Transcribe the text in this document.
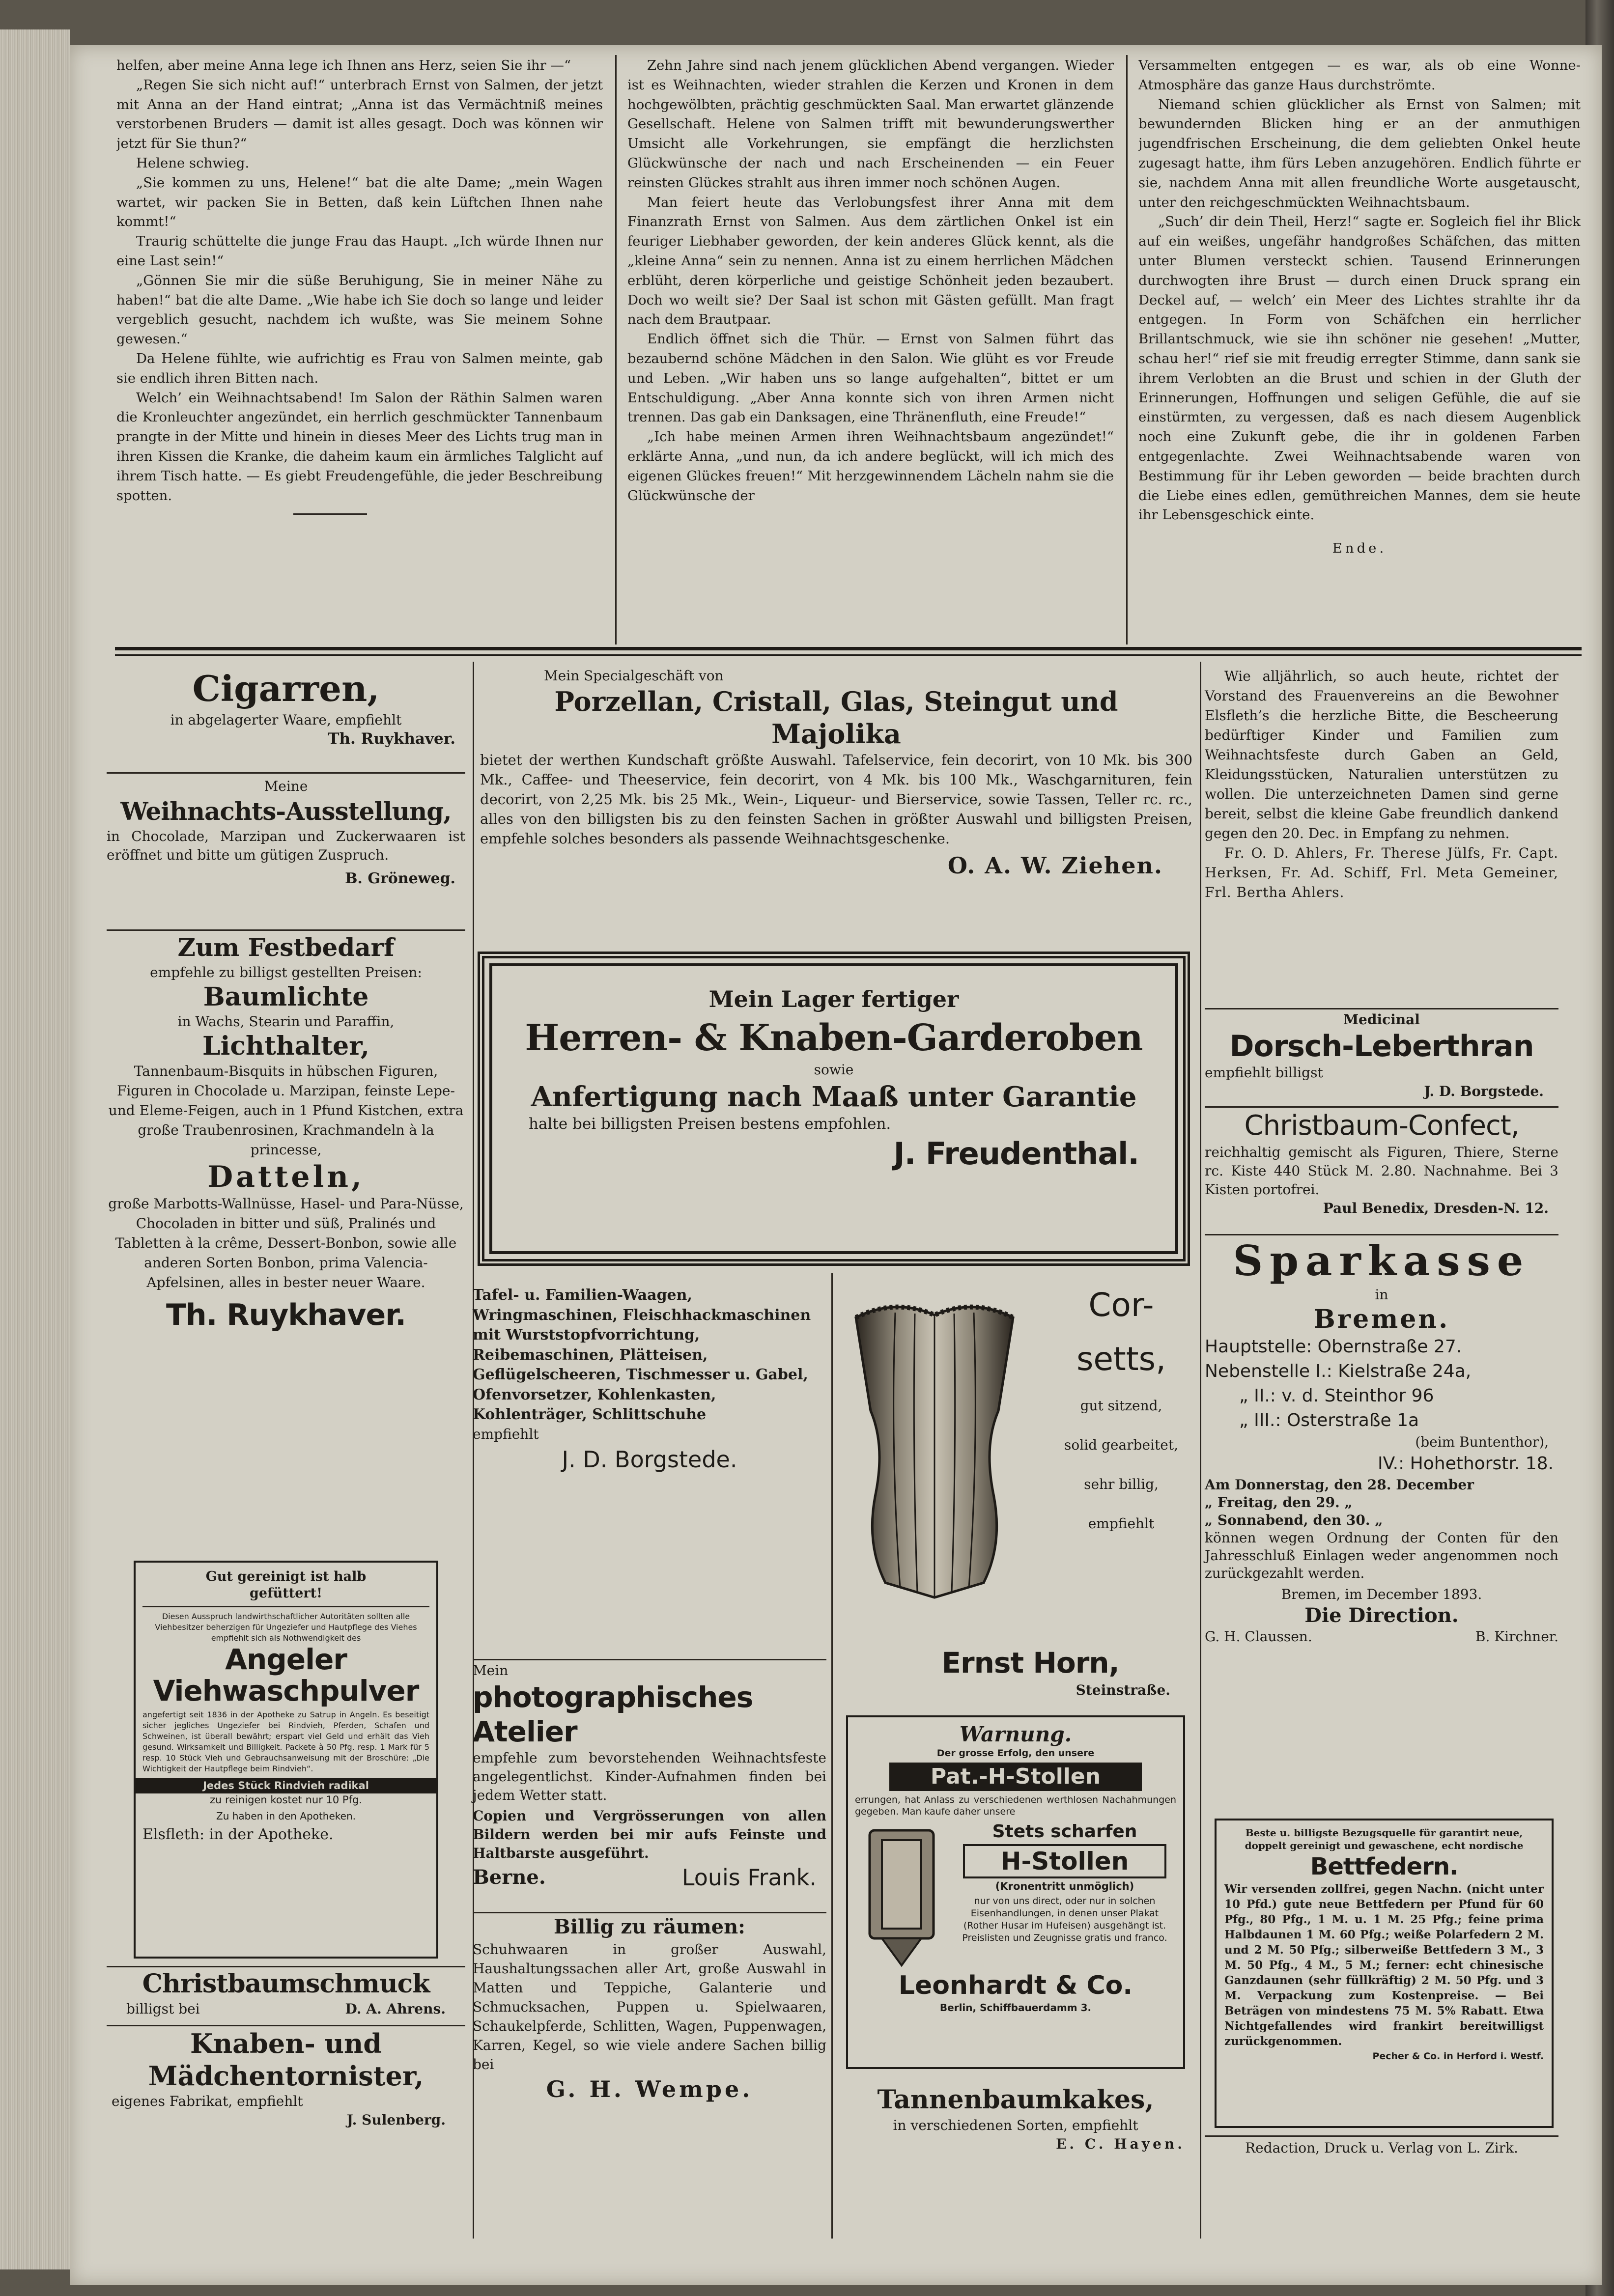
helfen, aber meine Anna lege ich Ihnen ans Herz, seien Sie ihr —“

„Regen Sie sich nicht auf!“ unterbrach Ernst von Salmen, der jetzt mit Anna an der Hand eintrat; „Anna ist das Vermächtniß meines verstorbenen Bruders — damit ist alles gesagt. Doch was können wir jetzt für Sie thun?“

Helene schwieg.

„Sie kommen zu uns, Helene!“ bat die alte Dame; „mein Wagen wartet, wir packen Sie in Betten, daß kein Lüftchen Ihnen nahe kommt!“

Traurig schüttelte die junge Frau das Haupt. „Ich würde Ihnen nur eine Last sein!“

„Gönnen Sie mir die süße Beruhigung, Sie in meiner Nähe zu haben!“ bat die alte Dame. „Wie habe ich Sie doch so lange und leider vergeblich gesucht, nachdem ich wußte, was Sie meinem Sohne gewesen.“

Da Helene fühlte, wie aufrichtig es Frau von Salmen meinte, gab sie endlich ihren Bitten nach.

Welch’ ein Weihnachtsabend! Im Salon der Räthin Salmen waren die Kronleuchter angezündet, ein herrlich geschmückter Tannenbaum prangte in der Mitte und hinein in dieses Meer des Lichts trug man in ihren Kissen die Kranke, die daheim kaum ein ärmliches Talglicht auf ihrem Tisch hatte. — Es giebt Freudengefühle, die jeder Beschreibung spotten.

Zehn Jahre sind nach jenem glücklichen Abend vergangen. Wieder ist es Weihnachten, wieder strahlen die Kerzen und Kronen in dem hochgewölbten, prächtig geschmückten Saal. Man erwartet glänzende Gesellschaft. Helene von Salmen trifft mit bewunderungswerther Umsicht alle Vorkehrungen, sie empfängt die herzlichsten Glückwünsche der nach und nach Erscheinenden — ein Feuer reinsten Glückes strahlt aus ihren immer noch schönen Augen.

Man feiert heute das Verlobungsfest ihrer Anna mit dem Finanzrath Ernst von Salmen. Aus dem zärtlichen Onkel ist ein feuriger Liebhaber geworden, der kein anderes Glück kennt, als die „kleine Anna“ sein zu nennen. Anna ist zu einem herrlichen Mädchen erblüht, deren körperliche und geistige Schönheit jeden bezaubert. Doch wo weilt sie? Der Saal ist schon mit Gästen gefüllt. Man fragt nach dem Brautpaar.

Endlich öffnet sich die Thür. — Ernst von Salmen führt das bezaubernd schöne Mädchen in den Salon. Wie glüht es vor Freude und Leben. „Wir haben uns so lange aufgehalten“, bittet er um Entschuldigung. „Aber Anna konnte sich von ihren Armen nicht trennen. Das gab ein Danksagen, eine Thränenfluth, eine Freude!“

„Ich habe meinen Armen ihren Weihnachtsbaum angezündet!“ erklärte Anna, „und nun, da ich andere beglückt, will ich mich des eigenen Glückes freuen!“ Mit herzgewinnendem Lächeln nahm sie die Glückwünsche der

Versammelten entgegen — es war, als ob eine Wonne-Atmosphäre das ganze Haus durchströmte.

Niemand schien glücklicher als Ernst von Salmen; mit bewundernden Blicken hing er an der anmuthigen jugendfrischen Erscheinung, die dem geliebten Onkel heute zugesagt hatte, ihm fürs Leben anzugehören. Endlich führte er sie, nachdem Anna mit allen freundliche Worte ausgetauscht, unter den reichgeschmückten Weihnachtsbaum.

„Such’ dir dein Theil, Herz!“ sagte er. Sogleich fiel ihr Blick auf ein weißes, ungefähr handgroßes Schäfchen, das mitten unter Blumen versteckt schien. Tausend Erinnerungen durchwogten ihre Brust — durch einen Druck sprang ein Deckel auf, — welch’ ein Meer des Lichtes strahlte ihr da entgegen. In Form von Schäfchen ein herrlicher Brillantschmuck, wie sie ihn schöner nie gesehen! „Mutter, schau her!“ rief sie mit freudig erregter Stimme, dann sank sie ihrem Verlobten an die Brust und schien in der Gluth der Erinnerungen, Hoffnungen und seligen Gefühle, die auf sie einstürmten, zu vergessen, daß es nach diesem Augenblick noch eine Zukunft gebe, die ihr in goldenen Farben entgegenlachte. Zwei Weihnachtsabende waren von Bestimmung für ihr Leben geworden — beide brachten durch die Liebe eines edlen, gemüthreichen Mannes, dem sie heute ihr Lebensgeschick einte.

Ende.

Cigarren,
in abgelagerter Waare, empfiehlt
Th. Ruykhaver.
Meine
Weihnachts-Ausstellung,
in Chocolade, Marzipan und Zuckerwaaren ist eröffnet und bitte um gütigen Zuspruch.
B. Gröneweg.
Zum Festbedarf
empfehle zu billigst gestellten Preisen:
Baumlichte
in Wachs, Stearin und Paraffin,
Lichthalter,
Tannenbaum-Bisquits in hübschen Figuren, Figuren in Chocolade u. Marzipan, feinste Lepe- und Eleme-Feigen, auch in 1 Pfund Kistchen, extra große Traubenrosinen, Krachmandeln à la princesse,
Datteln,
große Marbotts-Wallnüsse, Hasel- und Para-Nüsse, Chocoladen in bitter und süß, Pralinés und Tabletten à la crême, Dessert-Bonbon, sowie alle anderen Sorten Bonbon, prima Valencia-Apfelsinen, alles in bester neuer Waare.
Th. Ruykhaver.
Gut gereinigt ist halb
gefüttert!
Diesen Ausspruch landwirthschaftlicher Autoritäten sollten alle Viehbesitzer beherzigen für Ungeziefer und Hautpflege des Viehes empfiehlt sich als Nothwendigkeit des
Angeler
Viehwaschpulver
angefertigt seit 1836 in der Apotheke zu Satrup in Angeln. Es beseitigt sicher jegliches Ungeziefer bei Rindvieh, Pferden, Schafen und Schweinen, ist überall bewährt; erspart viel Geld und erhält das Vieh gesund. Wirksamkeit und Billigkeit. Packete à 50 Pfg. resp. 1 Mark für 5 resp. 10 Stück Vieh und Gebrauchsanweisung mit der Broschüre: „Die Wichtigkeit der Hautpflege beim Rindvieh“.
Jedes Stück Rindvieh radikal
zu reinigen kostet nur 10 Pfg.
Zu haben in den Apotheken.
Elsfleth: in der Apotheke.
Christbaumschmuck
billigst bei	D. A. Ahrens.
Knaben- und
Mädchentornister,
eigenes Fabrikat, empfiehlt
J. Sulenberg.
Mein Specialgeschäft von
Porzellan, Cristall, Glas, Steingut und Majolika
bietet der werthen Kundschaft größte Auswahl. Tafelservice, fein decorirt, von 10 Mk. bis 300 Mk., Caffee- und Theeservice, fein decorirt, von 4 Mk. bis 100 Mk., Waschgarnituren, fein decorirt, von 2,25 Mk. bis 25 Mk., Wein-, Liqueur- und Bierservice, sowie Tassen, Teller rc. rc., alles von den billigsten bis zu den feinsten Sachen in größter Auswahl und billigsten Preisen, empfehle solches besonders als passende Weihnachtsgeschenke.
O. A. W. Ziehen.
Mein Lager fertiger
Herren- & Knaben-Garderoben
sowie
Anfertigung nach Maaß unter Garantie
halte bei billigsten Preisen bestens empfohlen.
J. Freudenthal.
Tafel- u. Familien-Waagen, Wringmaschinen, Fleischhackmaschinen mit Wurststopfvorrichtung, Reibemaschinen, Plätteisen, Geflügelscheeren, Tischmesser u. Gabel, Ofenvorsetzer, Kohlenkasten, Kohlenträger, Schlittschuhe
empfiehlt
J. D. Borgstede.
Mein
photographisches Atelier
empfehle zum bevorstehenden Weihnachtsfeste angelegentlichst. Kinder-Aufnahmen finden bei jedem Wetter statt.
Copien und Vergrösserungen von allen Bildern werden bei mir aufs Feinste und Haltbarste ausgeführt.
Berne.	Louis Frank.
Billig zu räumen:
Schuhwaaren in großer Auswahl, Haushaltungssachen aller Art, große Auswahl in Matten und Teppiche, Galanterie und Schmucksachen, Puppen u. Spielwaaren, Schaukelpferde, Schlitten, Wagen, Puppenwagen, Karren, Kegel, so wie viele andere Sachen billig bei
G. H. Wempe.
Cor-
setts,
gut sitzend,
solid gearbeitet,
sehr billig,
empfiehlt
Ernst Horn,
Steinstraße.
Warnung.
Der grosse Erfolg, den unsere
Pat.-H-Stollen
errungen, hat Anlass zu verschiedenen werthlosen Nachahmungen gegeben. Man kaufe daher unsere
Stets scharfen
H-Stollen
(Kronentritt unmöglich)
nur von uns direct, oder nur in solchen Eisenhandlungen, in denen unser Plakat (Rother Husar im Hufeisen) ausgehängt ist. Preislisten und Zeugnisse gratis und franco.
Leonhardt & Co.
Berlin, Schiffbauerdamm 3.
Tannenbaumkakes,
in verschiedenen Sorten, empfiehlt
E. C. Hayen.
Wie alljährlich, so auch heute, richtet der Vorstand des Frauenvereins an die Bewohner Elsfleth’s die herzliche Bitte, die Bescheerung bedürftiger Kinder und Familien zum Weihnachtsfeste durch Gaben an Geld, Kleidungsstücken, Naturalien unterstützen zu wollen. Die unterzeichneten Damen sind gerne bereit, selbst die kleine Gabe freundlich dankend gegen den 20. Dec. in Empfang zu nehmen.
Fr. O. D. Ahlers, Fr. Therese Jülfs, Fr. Capt. Herksen, Fr. Ad. Schiff, Frl. Meta Gemeiner, Frl. Bertha Ahlers.
Medicinal
Dorsch-Leberthran
empfiehlt billigst
J. D. Borgstede.
Christbaum-Confect,
reichhaltig gemischt als Figuren, Thiere, Sterne rc. Kiste 440 Stück M. 2.80. Nachnahme. Bei 3 Kisten portofrei.
Paul Benedix, Dresden-N. 12.
Sparkasse
in
Bremen.
Hauptstelle: Obernstraße 27.
Nebenstelle I.: Kielstraße 24a,
„ II.: v. d. Steinthor 96
„ III.: Osterstraße 1a
(beim Buntenthor),
IV.: Hohethorstr. 18.
Am Donnerstag, den 28. December
„ Freitag, den 29. „
„ Sonnabend, den 30. „
können wegen Ordnung der Conten für den Jahresschluß Einlagen weder angenommen noch zurückgezahlt werden.
Bremen, im December 1893.
Die Direction.
G. H. Claussen.	B. Kirchner.
Beste u. billigste Bezugsquelle für garantirt neue, doppelt gereinigt und gewaschene, echt nordische
Bettfedern.
Wir versenden zollfrei, gegen Nachn. (nicht unter 10 Pfd.) gute neue Bettfedern per Pfund für 60 Pfg., 80 Pfg., 1 M. u. 1 M. 25 Pfg.; feine prima Halbdaunen 1 M. 60 Pfg.; weiße Polarfedern 2 M. und 2 M. 50 Pfg.; silberweiße Bettfedern 3 M., 3 M. 50 Pfg., 4 M., 5 M.; ferner: echt chinesische Ganzdaunen (sehr füllkräftig) 2 M. 50 Pfg. und 3 M. Verpackung zum Kostenpreise. — Bei Beträgen von mindestens 75 M. 5% Rabatt. Etwa Nichtgefallendes wird frankirt bereitwilligst zurückgenommen.
Pecher & Co. in Herford i. Westf.
Redaction, Druck u. Verlag von L. Zirk.
